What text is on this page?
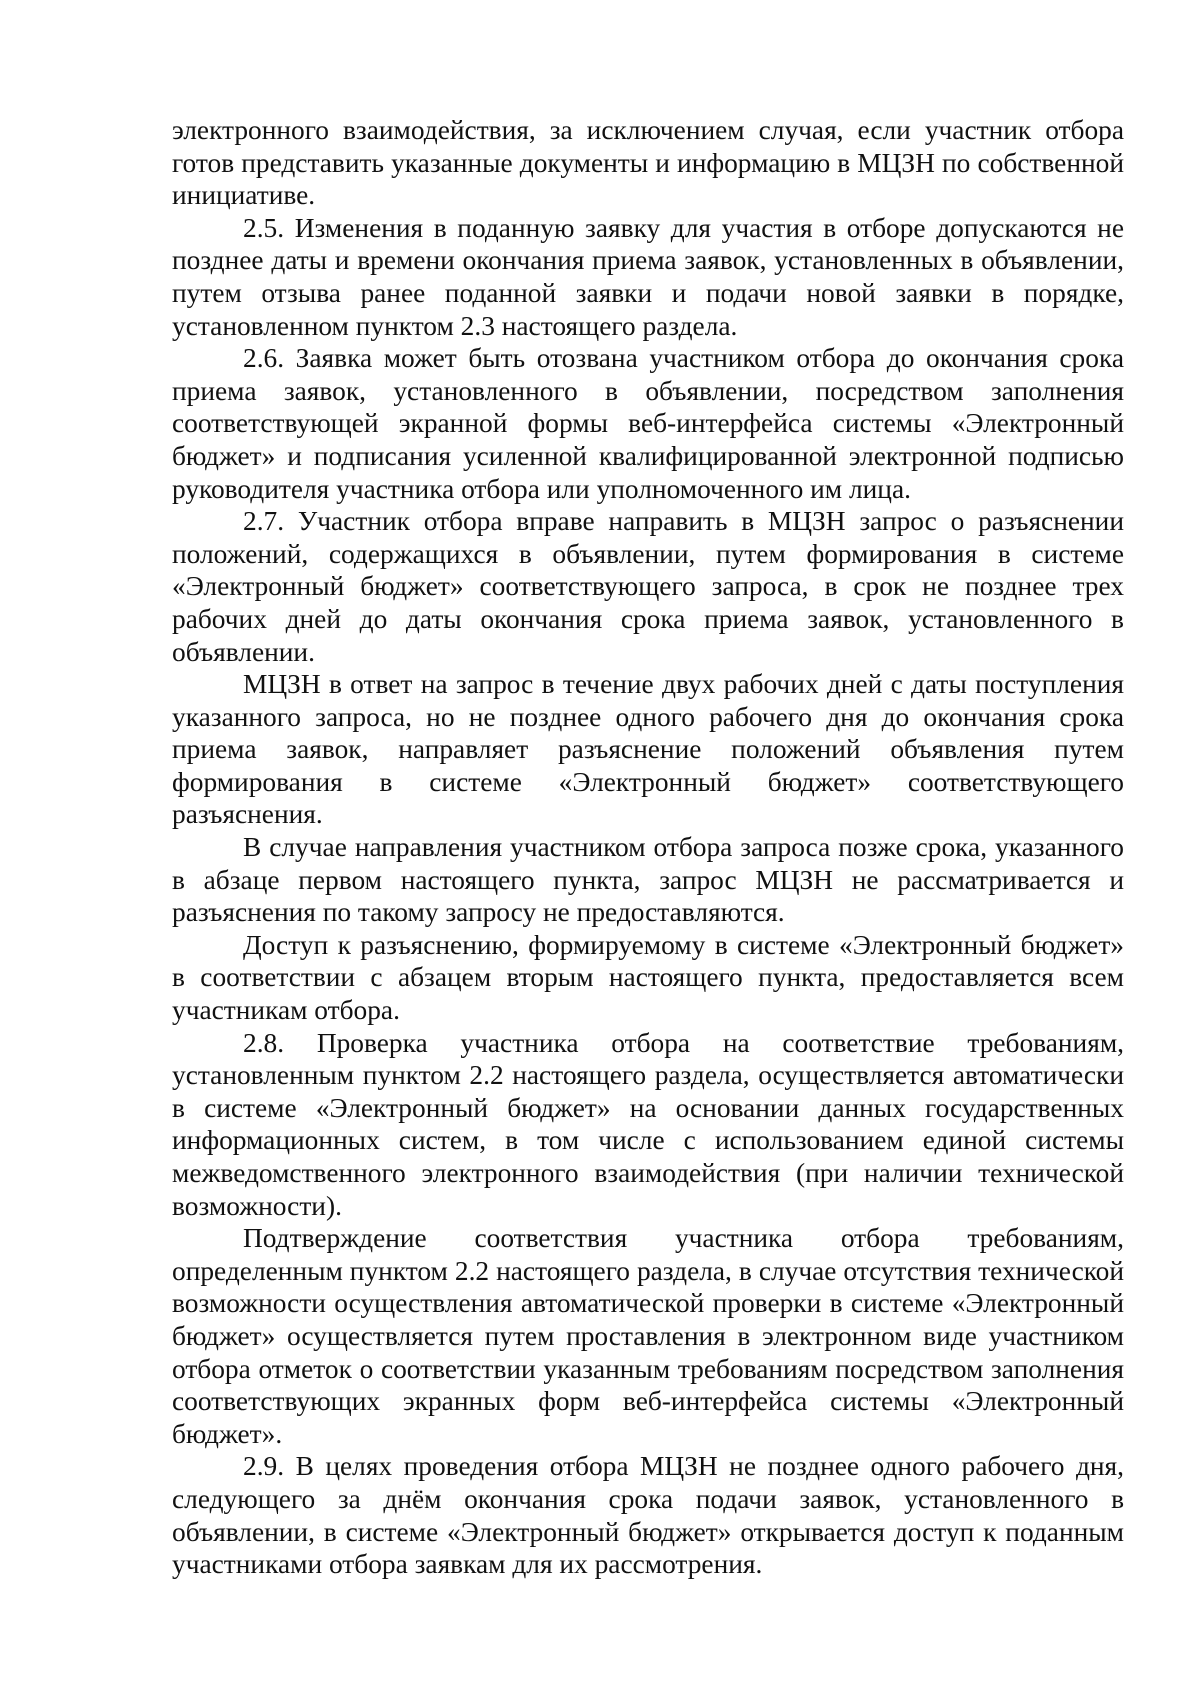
электронного взаимодействия, за исключением случая, если участник отбора готов представить указанные документы и информацию в МЦЗН по собственной инициативе.

2.5. Изменения в поданную заявку для участия в отборе допускаются не позднее даты и времени окончания приема заявок, установленных в объявлении, путем отзыва ранее поданной заявки и подачи новой заявки в порядке, установленном пунктом 2.3 настоящего раздела.

2.6. Заявка может быть отозвана участником отбора до окончания срока приема заявок, установленного в объявлении, посредством заполнения соответствующей экранной формы веб-интерфейса системы «Электронный бюджет» и подписания усиленной квалифицированной электронной подписью руководителя участника отбора или уполномоченного им лица.

2.7. Участник отбора вправе направить в МЦЗН запрос о разъяснении положений, содержащихся в объявлении, путем формирования в системе «Электронный бюджет» соответствующего запроса, в срок не позднее трех рабочих дней до даты окончания срока приема заявок, установленного в объявлении.

МЦЗН в ответ на запрос в течение двух рабочих дней с даты поступления указанного запроса, но не позднее одного рабочего дня до окончания срока приема заявок, направляет разъяснение положений объявления путем формирования в системе «Электронный бюджет» соответствующего разъяснения.

В случае направления участником отбора запроса позже срока, указанного в абзаце первом настоящего пункта, запрос МЦЗН не рассматривается и разъяснения по такому запросу не предоставляются.

Доступ к разъяснению, формируемому в системе «Электронный бюджет» в соответствии с абзацем вторым настоящего пункта, предоставляется всем участникам отбора.

2.8. Проверка участника отбора на соответствие требованиям, установленным пунктом 2.2 настоящего раздела, осуществляется автоматически в системе «Электронный бюджет» на основании данных государственных информационных систем, в том числе с использованием единой системы межведомственного электронного взаимодействия (при наличии технической возможности).

Подтверждение соответствия участника отбора требованиям, определенным пунктом 2.2 настоящего раздела, в случае отсутствия технической возможности осуществления автоматической проверки в системе «Электронный бюджет» осуществляется путем проставления в электронном виде участником отбора отметок о соответствии указанным требованиям посредством заполнения соответствующих экранных форм веб-интерфейса системы «Электронный бюджет».

2.9. В целях проведения отбора МЦЗН не позднее одного рабочего дня, следующего за днём окончания срока подачи заявок, установленного в объявлении, в системе «Электронный бюджет» открывается доступ к поданным участниками отбора заявкам для их рассмотрения.
